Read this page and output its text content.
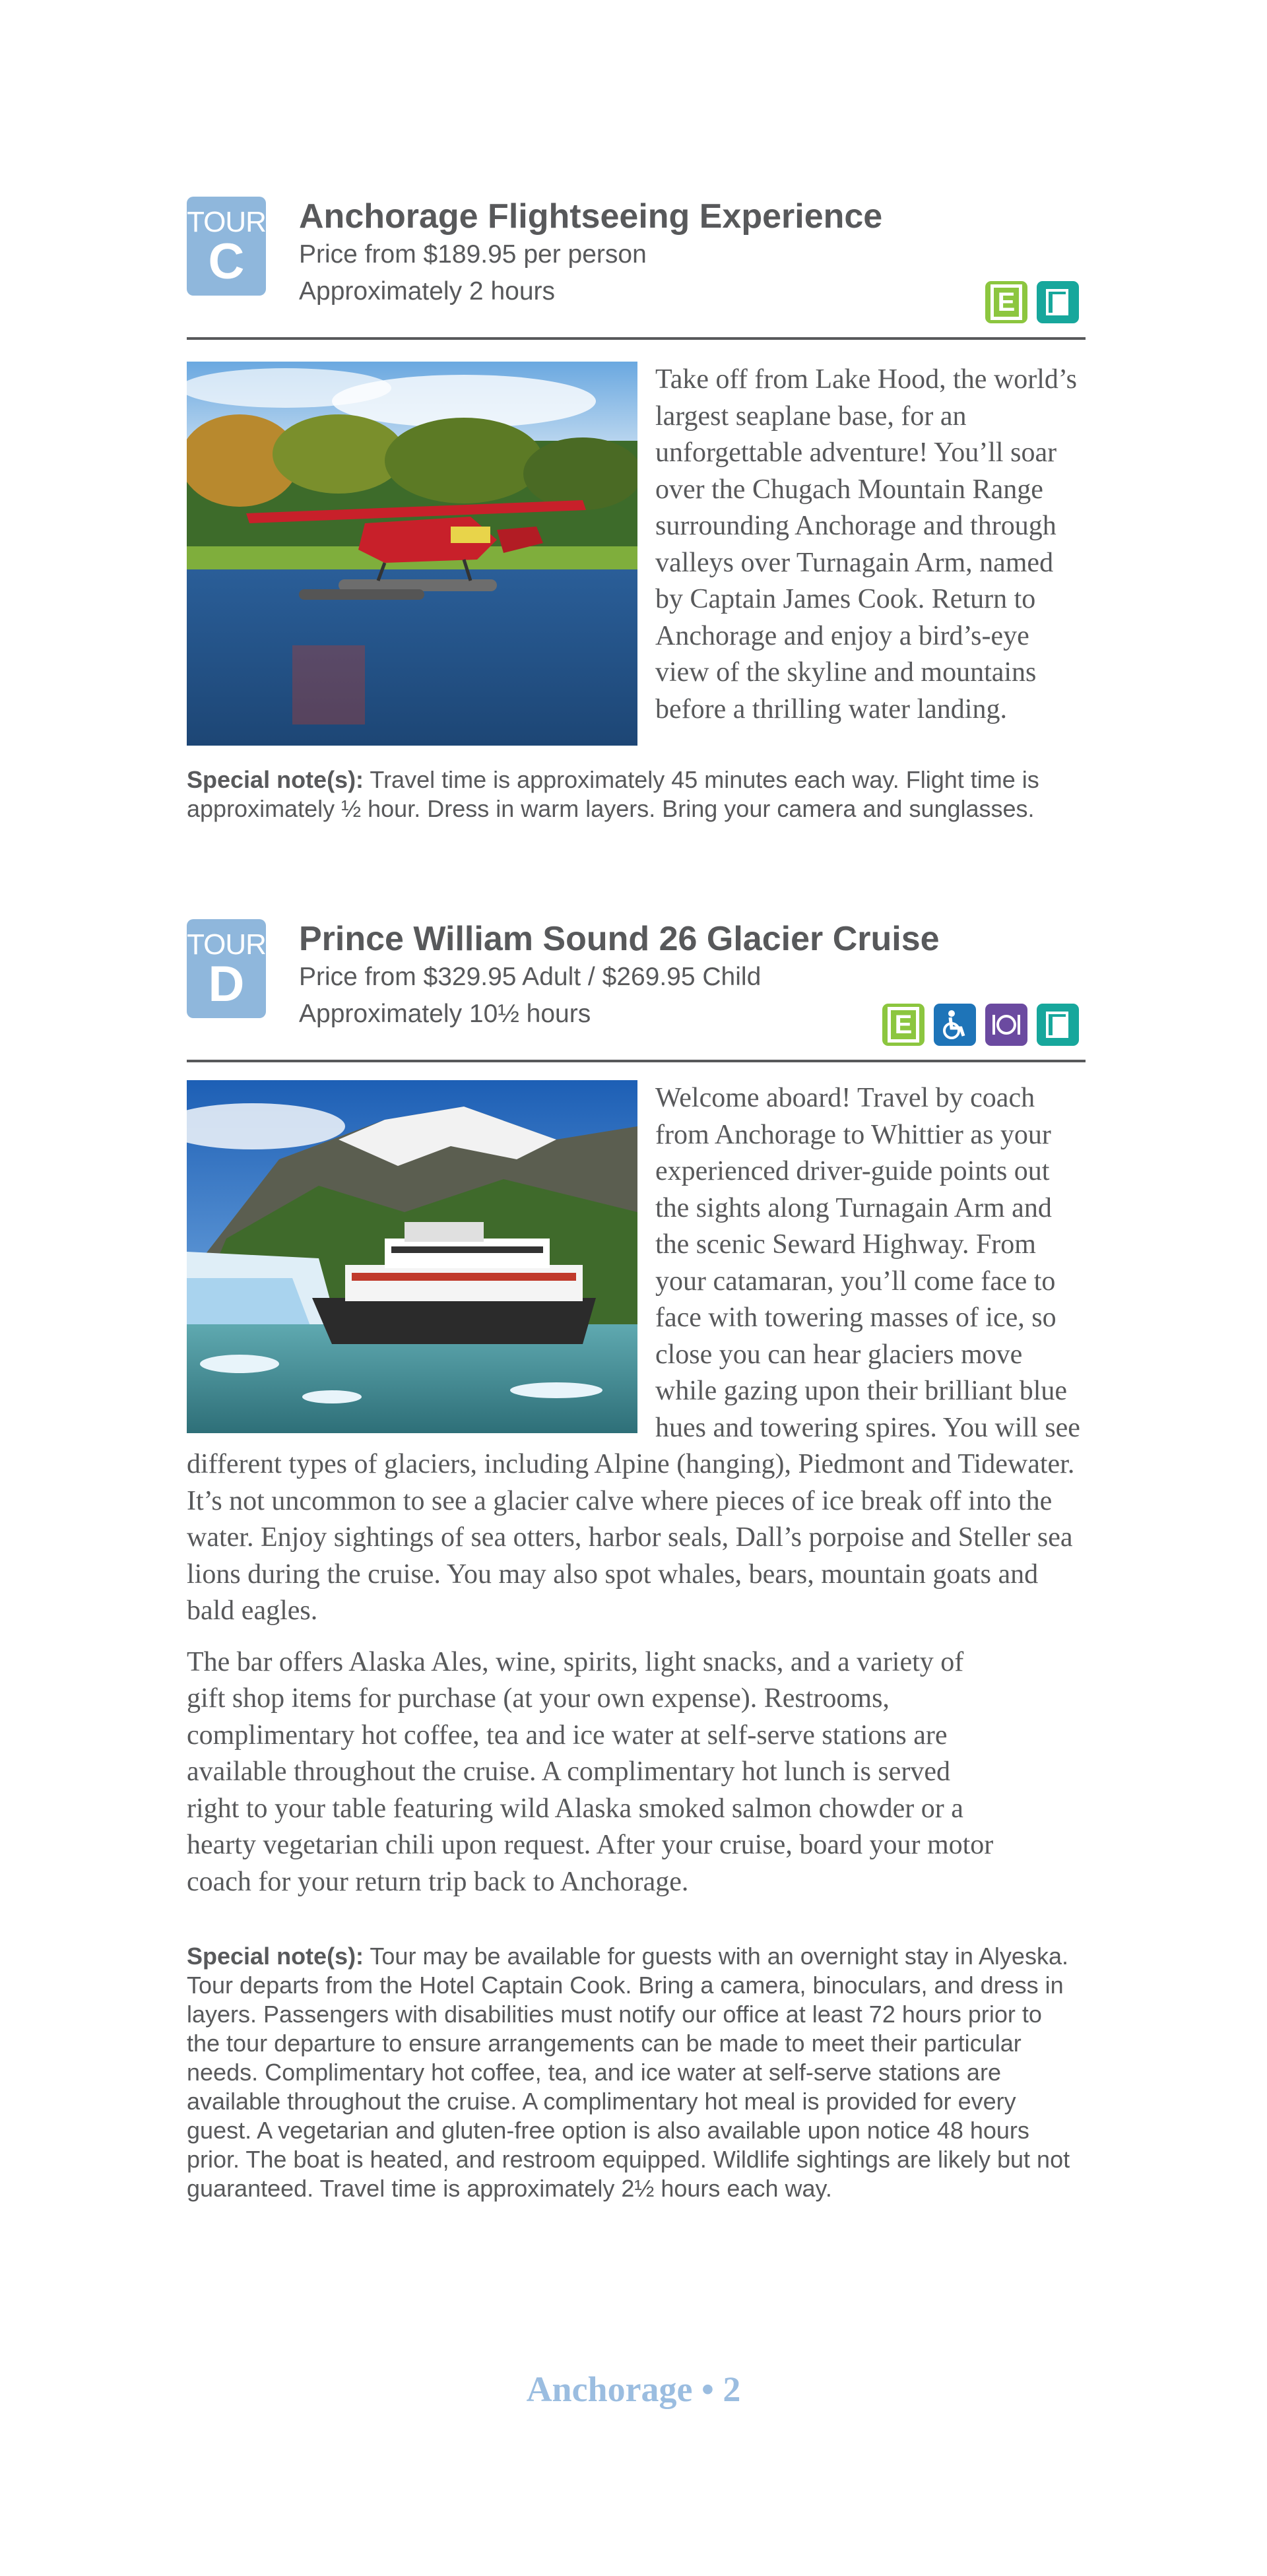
TOUR
C
Anchorage Flightseeing Experience
Price from $189.95 per person
Approximately 2 hours	E

Take off from Lake Hood, the world’s largest seaplane base, for an unforgettable adventure! You’ll soar over the Chugach Mountain Range surrounding Anchorage and through valleys over Turnagain Arm, named by Captain James Cook. Return to Anchorage and enjoy a bird’s-eye view of the skyline and mountains before a thrilling water landing.

Special note(s): Travel time is approximately 45 minutes each way. Flight time is approximately ½ hour. Dress in warm layers. Bring your camera and sunglasses.

TOUR
D
Prince William Sound 26 Glacier Cruise
Price from $329.95 Adult / $269.95 Child
Approximately 10½ hours	E

Welcome aboard! Travel by coach from Anchorage to Whittier as your experienced driver-guide points out the sights along Turnagain Arm and the scenic Seward Highway. From your catamaran, you’ll come face to face with towering masses of ice, so close you can hear glaciers move while gazing upon their brilliant blue hues and towering spires. You will see different types of glaciers, including Alpine (hanging), Piedmont and Tidewater. It’s not uncommon to see a glacier calve where pieces of ice break off into the water. Enjoy sightings of sea otters, harbor seals, Dall’s porpoise and Steller sea lions during the cruise. You may also spot whales, bears, mountain goats and bald eagles.

The bar offers Alaska Ales, wine, spirits, light snacks, and a variety of gift shop items for purchase (at your own expense). Restrooms, complimentary hot coffee, tea and ice water at self-serve stations are available throughout the cruise. A complimentary hot lunch is served right to your table featuring wild Alaska smoked salmon chowder or a hearty vegetarian chili upon request. After your cruise, board your motor coach for your return trip back to Anchorage.

Special note(s): Tour may be available for guests with an overnight stay in Alyeska. Tour departs from the Hotel Captain Cook. Bring a camera, binoculars, and dress in layers. Passengers with disabilities must notify our office at least 72 hours prior to the tour departure to ensure arrangements can be made to meet their particular needs. Complimentary hot coffee, tea, and ice water at self-serve stations are available throughout the cruise. A complimentary hot meal is provided for every guest. A vegetarian and gluten-free option is also available upon notice 48 hours prior. The boat is heated, and restroom equipped. Wildlife sightings are likely but not guaranteed. Travel time is approximately 2½ hours each way.

Anchorage • 2
